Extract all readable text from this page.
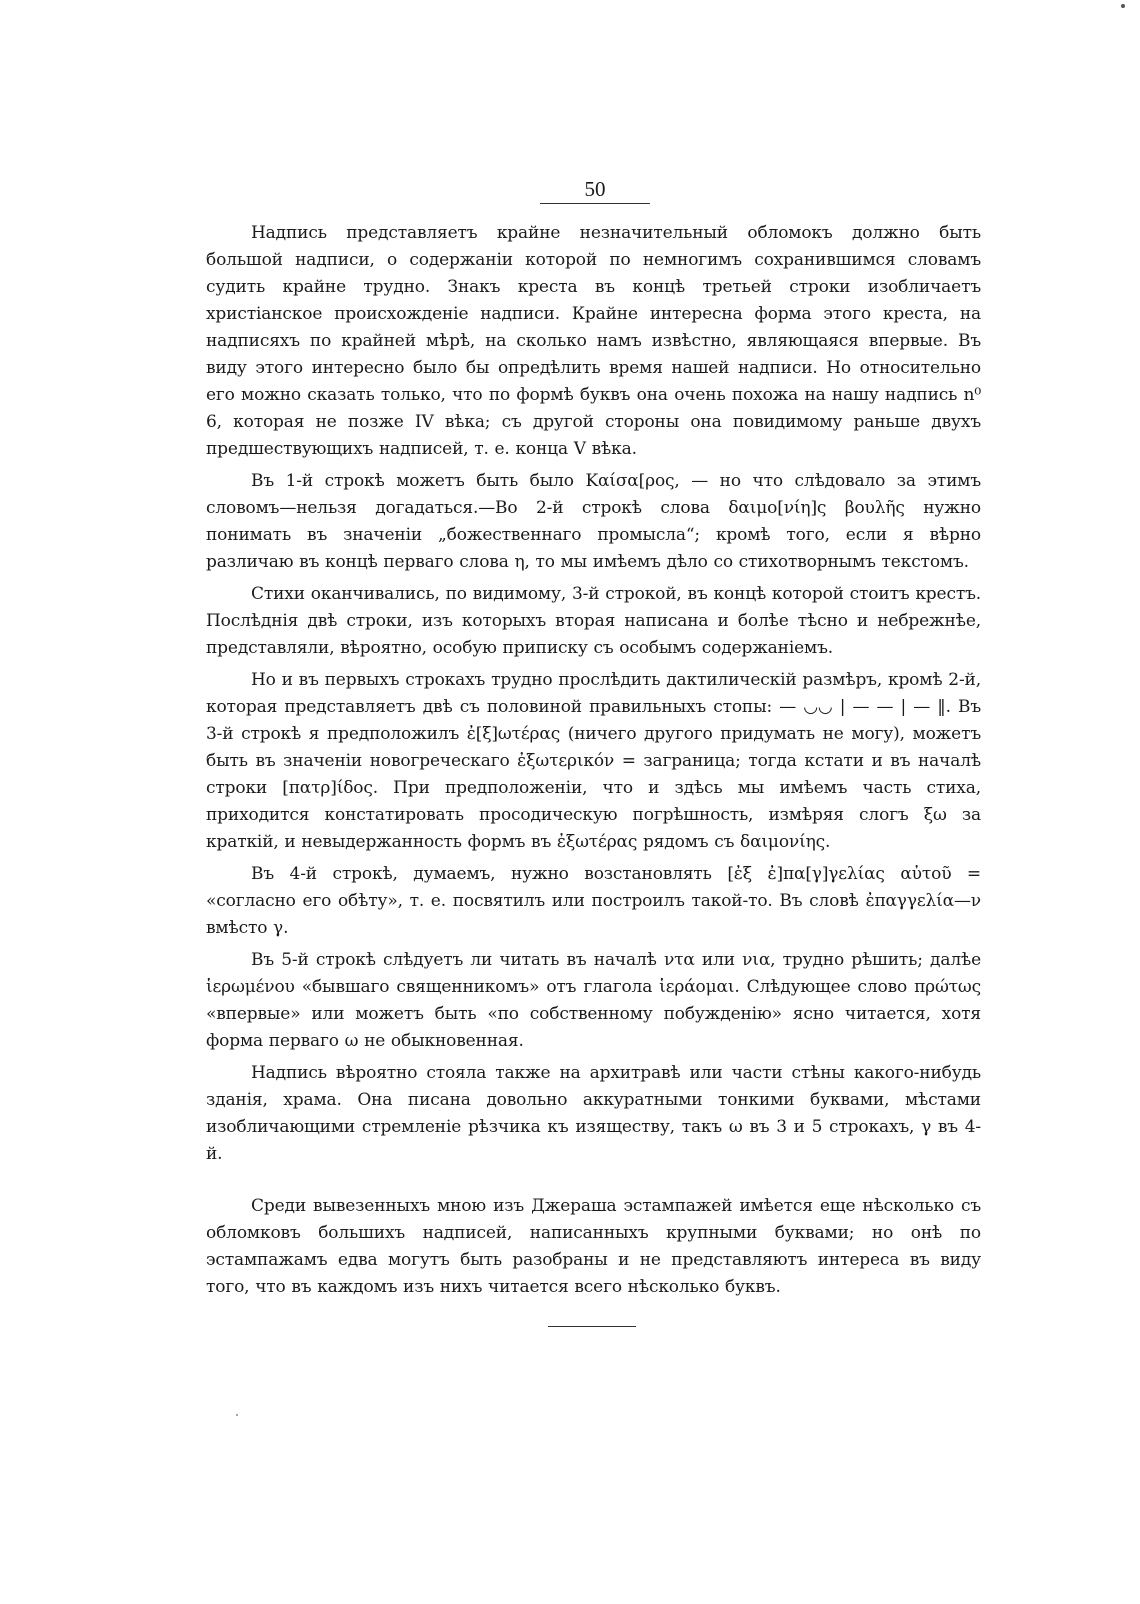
50

Надпись представляетъ крайне незначительный обломокъ должно быть большой надписи, о содержанiи которой по немногимъ сохранившимся словамъ судить крайне трудно. Знакъ креста въ концѣ третьей строки изобличаетъ христiанское происхожденiе надписи. Крайне интересна форма этого креста, на надписяхъ по крайней мѣрѣ, на сколько намъ извѣстно, являющаяся впервые. Въ виду этого интересно было бы опредѣлить время нашей надписи. Но относительно его можно сказать только, что по формѣ буквъ она очень похожа на нашу надпись n⁰ 6, которая не позже IV вѣка; съ другой стороны она повидимому раньше двухъ предшествующихъ надписей, т. е. конца V вѣка.

Въ 1-й строкѣ можетъ быть было Καίσα[ρος, — но что слѣдовало за этимъ словомъ—нельзя догадаться.—Во 2-й строкѣ слова δαιμο[νίη]ς βουλῆς нужно понимать въ значенiи „божественнаго промысла“; кромѣ того, если я вѣрно различаю въ концѣ перваго слова η, то мы имѣемъ дѣло со стихотворнымъ текстомъ.

Стихи оканчивались, по видимому, 3-й строкой, въ концѣ которой стоитъ крестъ. Послѣднiя двѣ строки, изъ которыхъ вторая написана и болѣе тѣсно и небрежнѣе, представляли, вѣроятно, особую приписку съ особымъ содержанiемъ.

Но и въ первыхъ строкахъ трудно прослѣдить дактилическiй размѣръ, кромѣ 2-й, которая представляетъ двѣ съ половиной правильныхъ стопы: — ◡◡ | — — | — ‖. Въ 3-й строкѣ я предположилъ ἐ[ξ]ωτέρας (ничего другого придумать не могу), можетъ быть въ значенiи новогреческаго ἐξωτερικόν = заграница; тогда кстати и въ началѣ строки [πατρ]ίδος. При предположенiи, что и здѣсь мы имѣемъ часть стиха, приходится констатировать просодическую погрѣшность, измѣряя слогъ ξω за краткiй, и невыдержанность формъ въ ἐξωτέρας рядомъ съ δαιμονίης.

Въ 4-й строкѣ, думаемъ, нужно возстановлять [ἐξ ἐ]πα[γ]γελίας αὐτοῦ = «согласно его обѣту», т. е. посвятилъ или построилъ такой-то. Въ словѣ ἐπαγγελία—ν вмѣсто γ.

Въ 5-й строкѣ слѣдуетъ ли читать въ началѣ ντα или νια, трудно рѣшить; далѣе ἱερωμένου «бывшаго священникомъ» отъ глагола ἱεράομαι. Слѣдующее слово πρώτως «впервые» или можетъ быть «по собственному побужденiю» ясно читается, хотя форма перваго ω не обыкновенная.

Надпись вѣроятно стояла также на архитравѣ или части стѣны какого-нибудь зданiя, храма. Она писана довольно аккуратными тонкими буквами, мѣстами изобличающими стремленiе рѣзчика къ изяществу, такъ ω въ 3 и 5 строкахъ, γ въ 4-й.

Среди вывезенныхъ мною изъ Джераша эстампажей имѣется еще нѣсколько съ обломковъ большихъ надписей, написанныхъ крупными буквами; но онѣ по эстампажамъ едва могутъ быть разобраны и не представляютъ интереса въ виду того, что въ каждомъ изъ нихъ читается всего нѣсколько буквъ.
